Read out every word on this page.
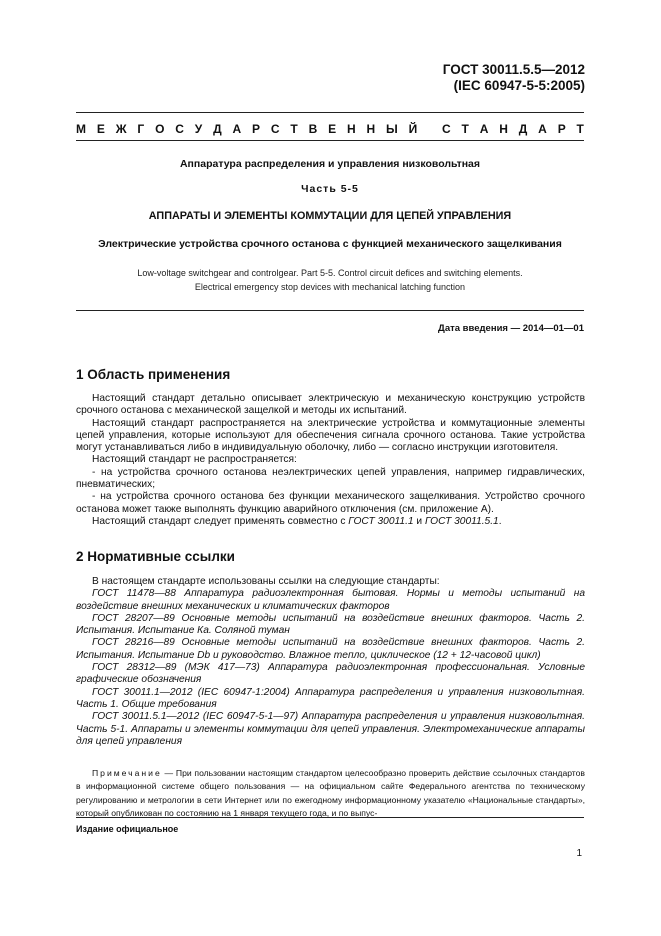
ГОСТ 30011.5.5—2012
(IEC 60947-5-5:2005)
М Е Ж Г О С У Д А Р С Т В Е Н Н Ы Й С Т А Н Д А Р Т
Аппаратура распределения и управления низковольтная
Часть 5-5
АППАРАТЫ И ЭЛЕМЕНТЫ КОММУТАЦИИ ДЛЯ ЦЕПЕЙ УПРАВЛЕНИЯ
Электрические устройства срочного останова с функцией механического защелкивания
Low-voltage switchgear and controlgear. Part 5-5. Control circuit defices and switching elements.
Electrical emergency stop devices with mechanical latching function
Дата введения — 2014—01—01
1 Область применения

Настоящий стандарт детально описывает электрическую и механическую конструкцию устройств срочного останова с механической защелкой и методы их испытаний.

Настоящий стандарт распространяется на электрические устройства и коммутационные элементы цепей управления, которые используют для обеспечения сигнала срочного останова. Такие устройства могут устанавливаться либо в индивидуальную оболочку, либо — согласно инструкции изготовителя.

Настоящий стандарт не распространяется:

- на устройства срочного останова неэлектрических цепей управления, например гидравлических, пневматических;

- на устройства срочного останова без функции механического защелкивания. Устройство срочного останова может также выполнять функцию аварийного отключения (см. приложение А).

Настоящий стандарт следует применять совместно с ГОСТ 30011.1 и ГОСТ 30011.5.1.

2 Нормативные ссылки

В настоящем стандарте использованы ссылки на следующие стандарты:

ГОСТ 11478—88 Аппаратура радиоэлектронная бытовая. Нормы и методы испытаний на воздействие внешних механических и климатических факторов

ГОСТ 28207—89 Основные методы испытаний на воздействие внешних факторов. Часть 2. Испытания. Испытание Ка. Соляной туман

ГОСТ 28216—89 Основные методы испытаний на воздействие внешних факторов. Часть 2. Испытания. Испытание Db и руководство. Влажное тепло, циклическое (12 + 12-часовой цикл)

ГОСТ 28312—89 (МЭК 417—73) Аппаратура радиоэлектронная профессиональная. Условные графические обозначения

ГОСТ 30011.1—2012 (IEC 60947-1:2004) Аппаратура распределения и управления низковольтная. Часть 1. Общие требования

ГОСТ 30011.5.1—2012 (IEC 60947-5-1—97) Аппаратура распределения и управления низковольтная. Часть 5-1. Аппараты и элементы коммутации для цепей управления. Электромеханические аппараты для цепей управления

Примечание — При пользовании настоящим стандартом целесообразно проверить действие ссылочных стандартов в информационной системе общего пользования — на официальном сайте Федерального агентства по техническому регулированию и метрологии в сети Интернет или по ежегодному информационному указателю «Национальные стандарты», который опубликован по состоянию на 1 января текущего года, и по выпус-

Издание официальное
1
